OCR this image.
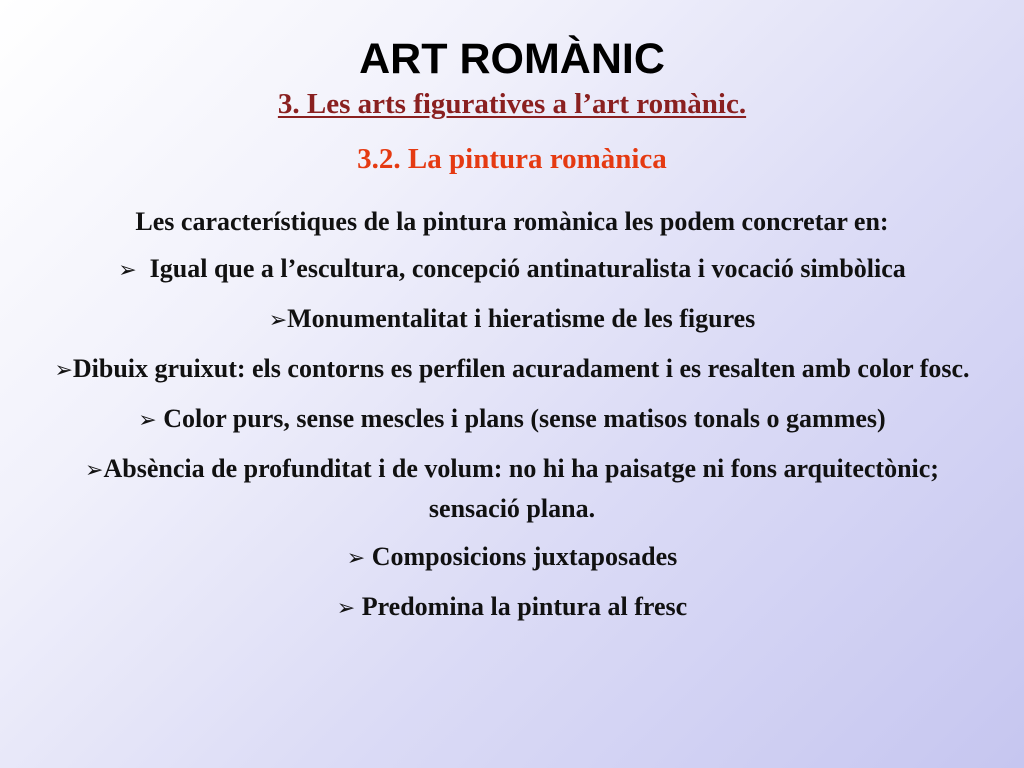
ART ROMÀNIC
3. Les arts figuratives a l’art romànic.
3.2. La pintura romànica

Les característiques de la pintura romànica les podem concretar en:

➢ Igual que a l’escultura, concepció antinaturalista i vocació simbòlica
➢Monumentalitat i hieratisme de les figures
➢Dibuix gruixut: els contorns es perfilen acuradament i es resalten amb color fosc.
➢ Color purs, sense mescles i plans (sense matisos tonals o gammes)
➢Absència de profunditat i de volum: no hi ha paisatge ni fons arquitectònic; sensació plana.
➢ Composicions juxtaposades
➢ Predomina la pintura al fresc
